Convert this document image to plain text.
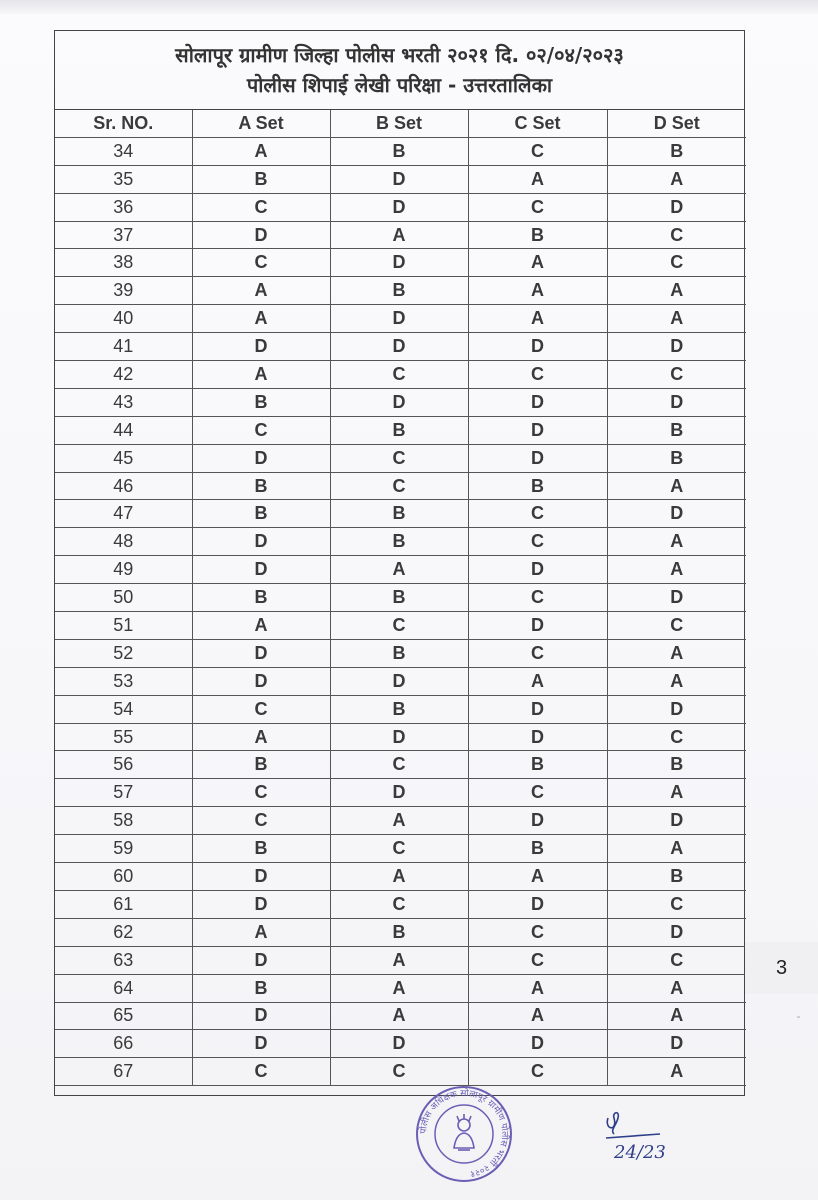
सोलापूर ग्रामीण जिल्हा पोलीस भरती २०२१ दि. ०२/०४/२०२३
पोलीस शिपाई लेखी परिक्षा - उत्तरतालिका
Sr. NO.	A Set	B Set	C Set	D Set
34	A	B	C	B
35	B	D	A	A
36	C	D	C	D
37	D	A	B	C
38	C	D	A	C
39	A	B	A	A
40	A	D	A	A
41	D	D	D	D
42	A	C	C	C
43	B	D	D	D
44	C	B	D	B
45	D	C	D	B
46	B	C	B	A
47	B	B	C	D
48	D	B	C	A
49	D	A	D	A
50	B	B	C	D
51	A	C	D	C
52	D	B	C	A
53	D	D	A	A
54	C	B	D	D
55	A	D	D	C
56	B	C	B	B
57	C	D	C	A
58	C	A	D	D
59	B	C	B	A
60	D	A	A	B
61	D	C	D	C
62	A	B	C	D
63	D	A	C	C
64	B	A	A	A
65	D	A	A	A
66	D	D	D	D
67	C	C	C	A
पोलीस अधिक्षक सोलापूर ग्रामीण पोलीस भरती २०२१
24/23
3
ˇ
